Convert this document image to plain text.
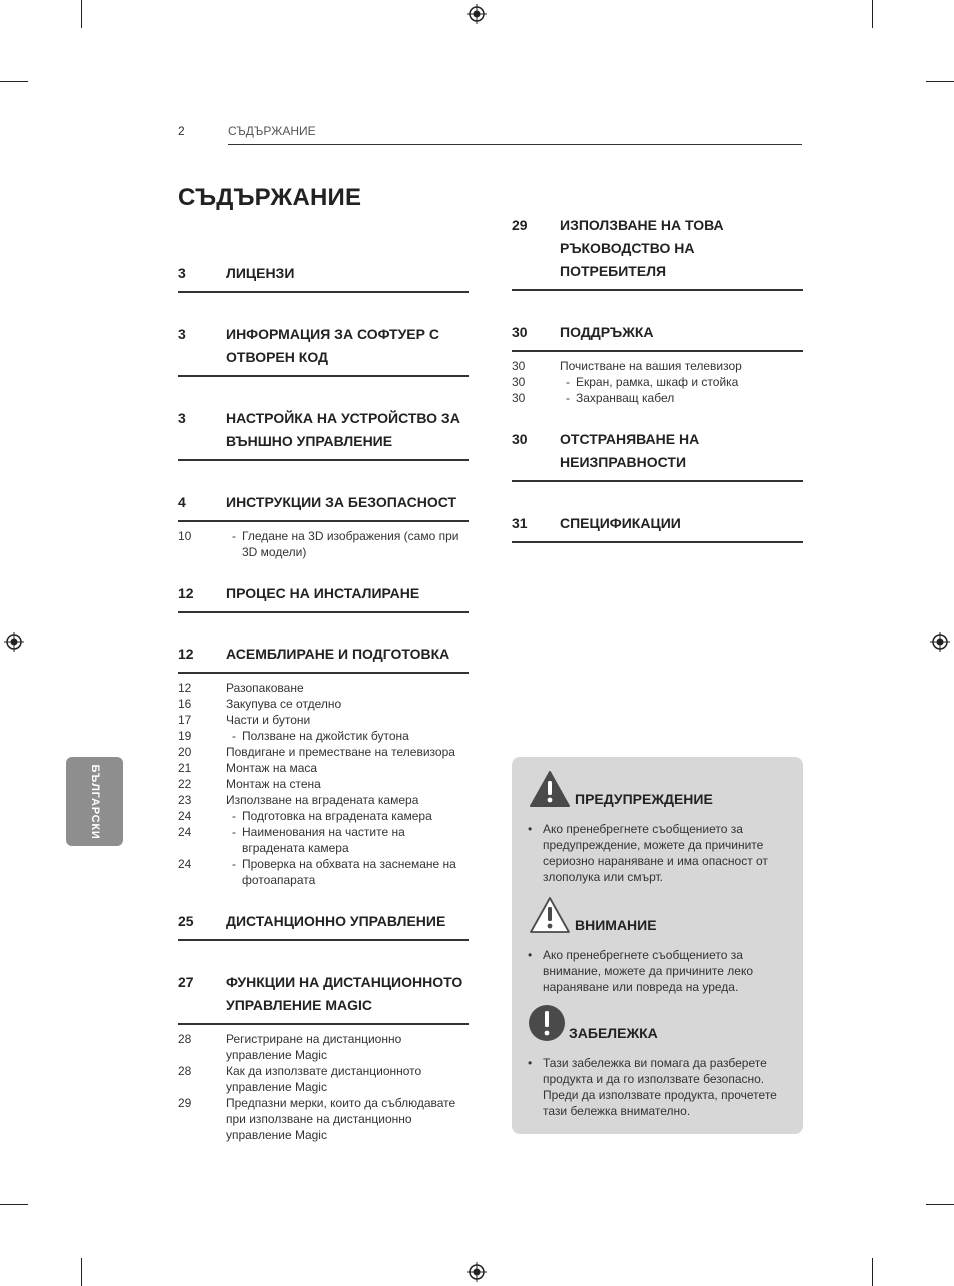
2	СЪДЪРЖАНИЕ
СЪДЪРЖАНИЕ
БЪЛГАРСКИ
3	ЛИЦЕНЗИ
3	ИНФОРМАЦИЯ ЗА СОФТУЕР С ОТВОРЕН КОД
3	НАСТРОЙКА НА УСТРОЙСТВО ЗА ВЪНШНО УПРАВЛЕНИЕ
4	ИНСТРУКЦИИ ЗА БЕЗОПАСНОСТ
10	- Гледане на 3D изображения (само при 3D модели)
12	ПРОЦЕС НА ИНСТАЛИРАНЕ
12	АСЕМБЛИРАНЕ И ПОДГОТОВКА
12	Разопаковане
16	Закупува се отделно
17	Части и бутони
19	- Ползване на джойстик бутона
20	Повдигане и преместване на телевизора
21	Монтаж на маса
22	Монтаж на стена
23	Използване на вградената камера
24	- Подготовка на вградената камера
24	- Наименования на частите на вградената камера
24	- Проверка на обхвата на заснемане на фотоапарата
25	ДИСТАНЦИОННО УПРАВЛЕНИЕ
27	ФУНКЦИИ НА ДИСТАНЦИОННОТО УПРАВЛЕНИЕ MAGIC
28	Регистриране на дистанционно управление Magic
28	Как да използвате дистанционното управление Magic
29	Предпазни мерки, които да съблюдавате при използване на дистанционно управление Magic
29	ИЗПОЛЗВАНЕ НА ТОВА РЪКОВОДСТВО НА ПОТРЕБИТЕЛЯ
30	ПОДДРЪЖКА
30	Почистване на вашия телевизор
30	- Екран, рамка, шкаф и стойка
30	- Захранващ кабел
30	ОТСТРАНЯВАНЕ НА НЕИЗПРАВНОСТИ
31	СПЕЦИФИКАЦИИ
ПРЕДУПРЕЖДЕНИЕ
• Ако пренебрегнете съобщението за предупреждение, можете да причините сериозно нараняване и има опасност от злополука или смърт.
ВНИМАНИЕ
• Ако пренебрегнете съобщението за внимание, можете да причините леко нараняване или повреда на уреда.
ЗАБЕЛЕЖКА
• Тази забележка ви помага да разберете продукта и да го използвате безопасно. Преди да използвате продукта, прочетете тази бележка внимателно.
